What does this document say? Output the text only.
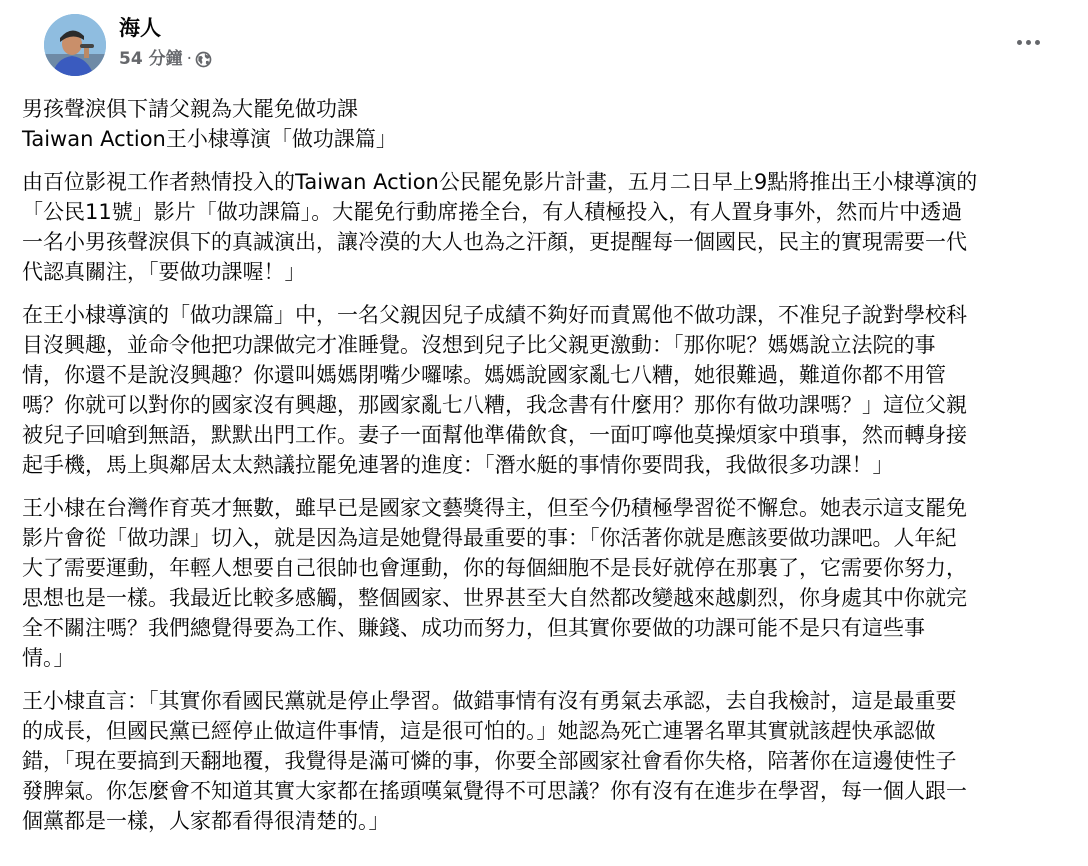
海人
54 分鐘 ·

男孩聲淚俱下請父親為大罷免做功課
Taiwan Action王小棣導演「做功課篇」

由百位影視工作者熱情投入的Taiwan Action公民罷免影片計畫，五月二日早上9點將推出王小棣導演的
「公民11號」影片「做功課篇」。大罷免行動席捲全台，有人積極投入，有人置身事外，然而片中透過
一名小男孩聲淚俱下的真誠演出，讓冷漠的大人也為之汗顏，更提醒每一個國民，民主的實現需要一代
代認真關注，「要做功課喔！」

在王小棣導演的「做功課篇」中，一名父親因兒子成績不夠好而責罵他不做功課，不准兒子說對學校科
目沒興趣，並命令他把功課做完才准睡覺。沒想到兒子比父親更激動：「那你呢？媽媽說立法院的事
情，你還不是說沒興趣？你還叫媽媽閉嘴少囉嗦。媽媽說國家亂七八糟，她很難過，難道你都不用管
嗎？你就可以對你的國家沒有興趣，那國家亂七八糟，我念書有什麼用？那你有做功課嗎？」這位父親
被兒子回嗆到無語，默默出門工作。妻子一面幫他準備飲食，一面叮嚀他莫操煩家中瑣事，然而轉身接
起手機，馬上與鄰居太太熱議拉罷免連署的進度：「潛水艇的事情你要問我，我做很多功課！」

王小棣在台灣作育英才無數，雖早已是國家文藝獎得主，但至今仍積極學習從不懈怠。她表示這支罷免
影片會從「做功課」切入，就是因為這是她覺得最重要的事：「你活著你就是應該要做功課吧。人年紀
大了需要運動，年輕人想要自己很帥也會運動，你的每個細胞不是長好就停在那裏了，它需要你努力，
思想也是一樣。我最近比較多感觸，整個國家、世界甚至大自然都改變越來越劇烈，你身處其中你就完
全不關注嗎？我們總覺得要為工作、賺錢、成功而努力，但其實你要做的功課可能不是只有這些事
情。」

王小棣直言：「其實你看國民黨就是停止學習。做錯事情有沒有勇氣去承認，去自我檢討，這是最重要
的成長，但國民黨已經停止做這件事情，這是很可怕的。」她認為死亡連署名單其實就該趕快承認做
錯，「現在要搞到天翻地覆，我覺得是滿可憐的事，你要全部國家社會看你失格，陪著你在這邊使性子
發脾氣。你怎麼會不知道其實大家都在搖頭嘆氣覺得不可思議？你有沒有在進步在學習，每一個人跟一
個黨都是一樣，人家都看得很清楚的。」
